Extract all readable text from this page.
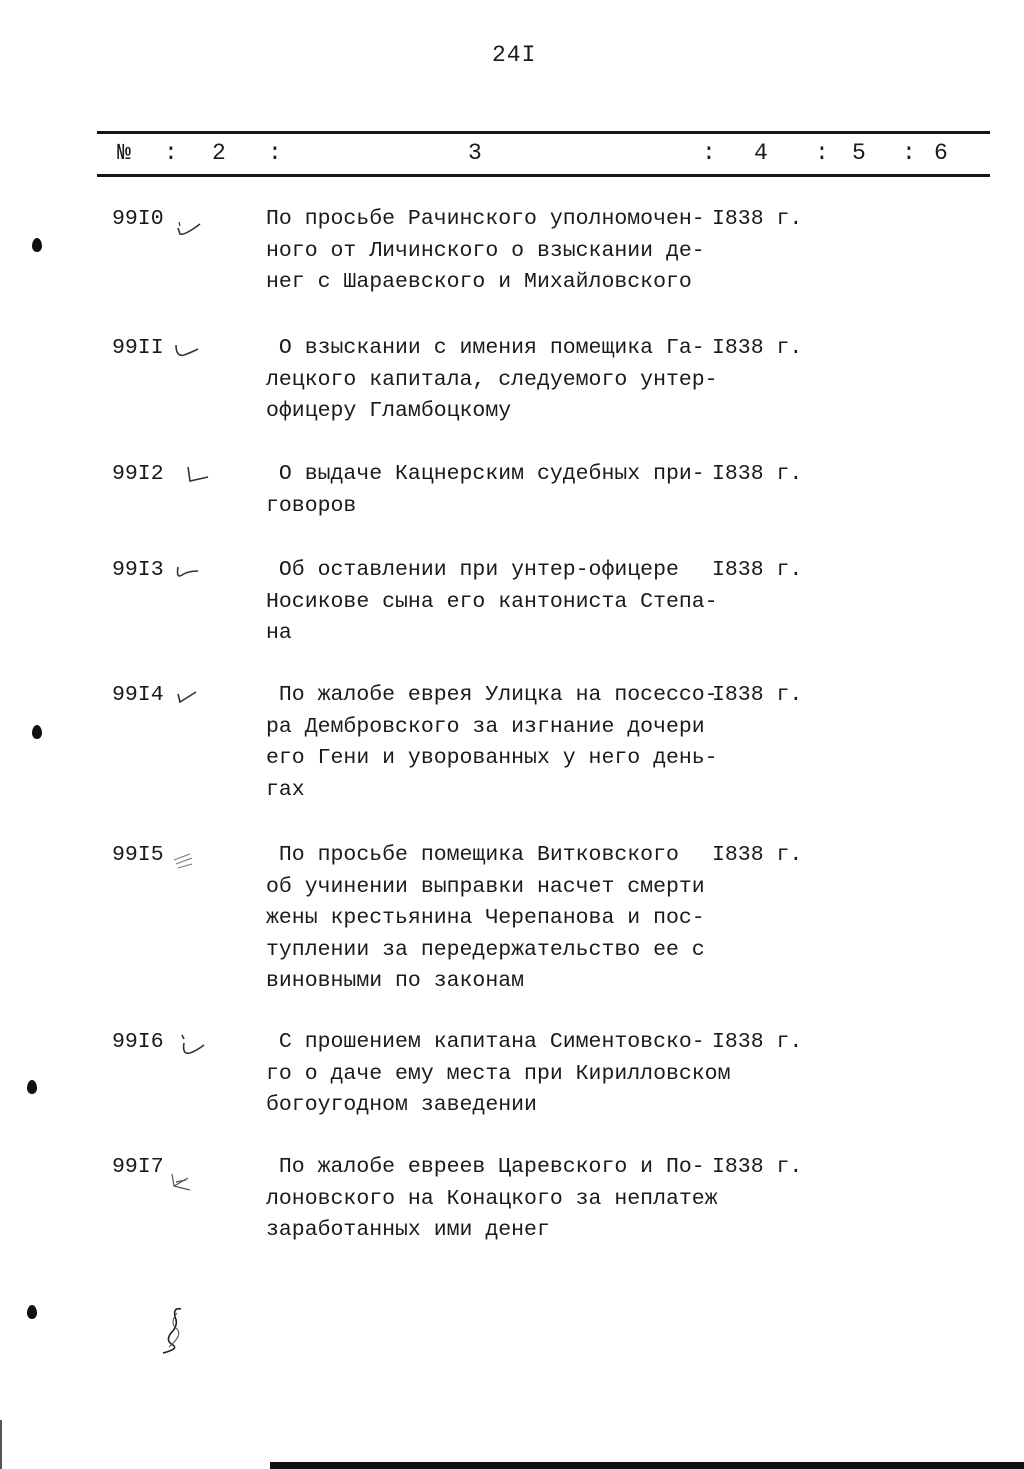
24I
№ : 2 :	3	: 4 : 5 : 6
99I0	По просьбе Рачинского уполномочен-
ного от Личинского о взыскании де-
нег с Шараевского и Михайловского
I838 г.
99II	О взыскании с имения помещика Га-
лецкого капитала, следуемого унтер-
офицеру Гламбоцкому
I838 г.
99I2	О выдаче Кацнерским судебных при-
говоров
I838 г.
99I3	Об оставлении при унтер-офицере
Носикове сына его кантониста Степа-
на
I838 г.
99I4	По жалобе еврея Улицка на посессо-
ра Дембровского за изгнание дочери
его Гени и уворованных у него день-
гах
I838 г.
99I5	По просьбе помещика Витковского
об учинении выправки насчет смерти
жены крестьянина Черепанова и пос-
туплении за передержательство ее с
виновными по законам
I838 г.
99I6	С прошением капитана Симентовско-
го о даче ему места при Кирилловском
богоугодном заведении
I838 г.
99I7	По жалобе евреев Царевского и По-
лоновского на Конацкого за неплатеж
заработанных ими денег
I838 г.
